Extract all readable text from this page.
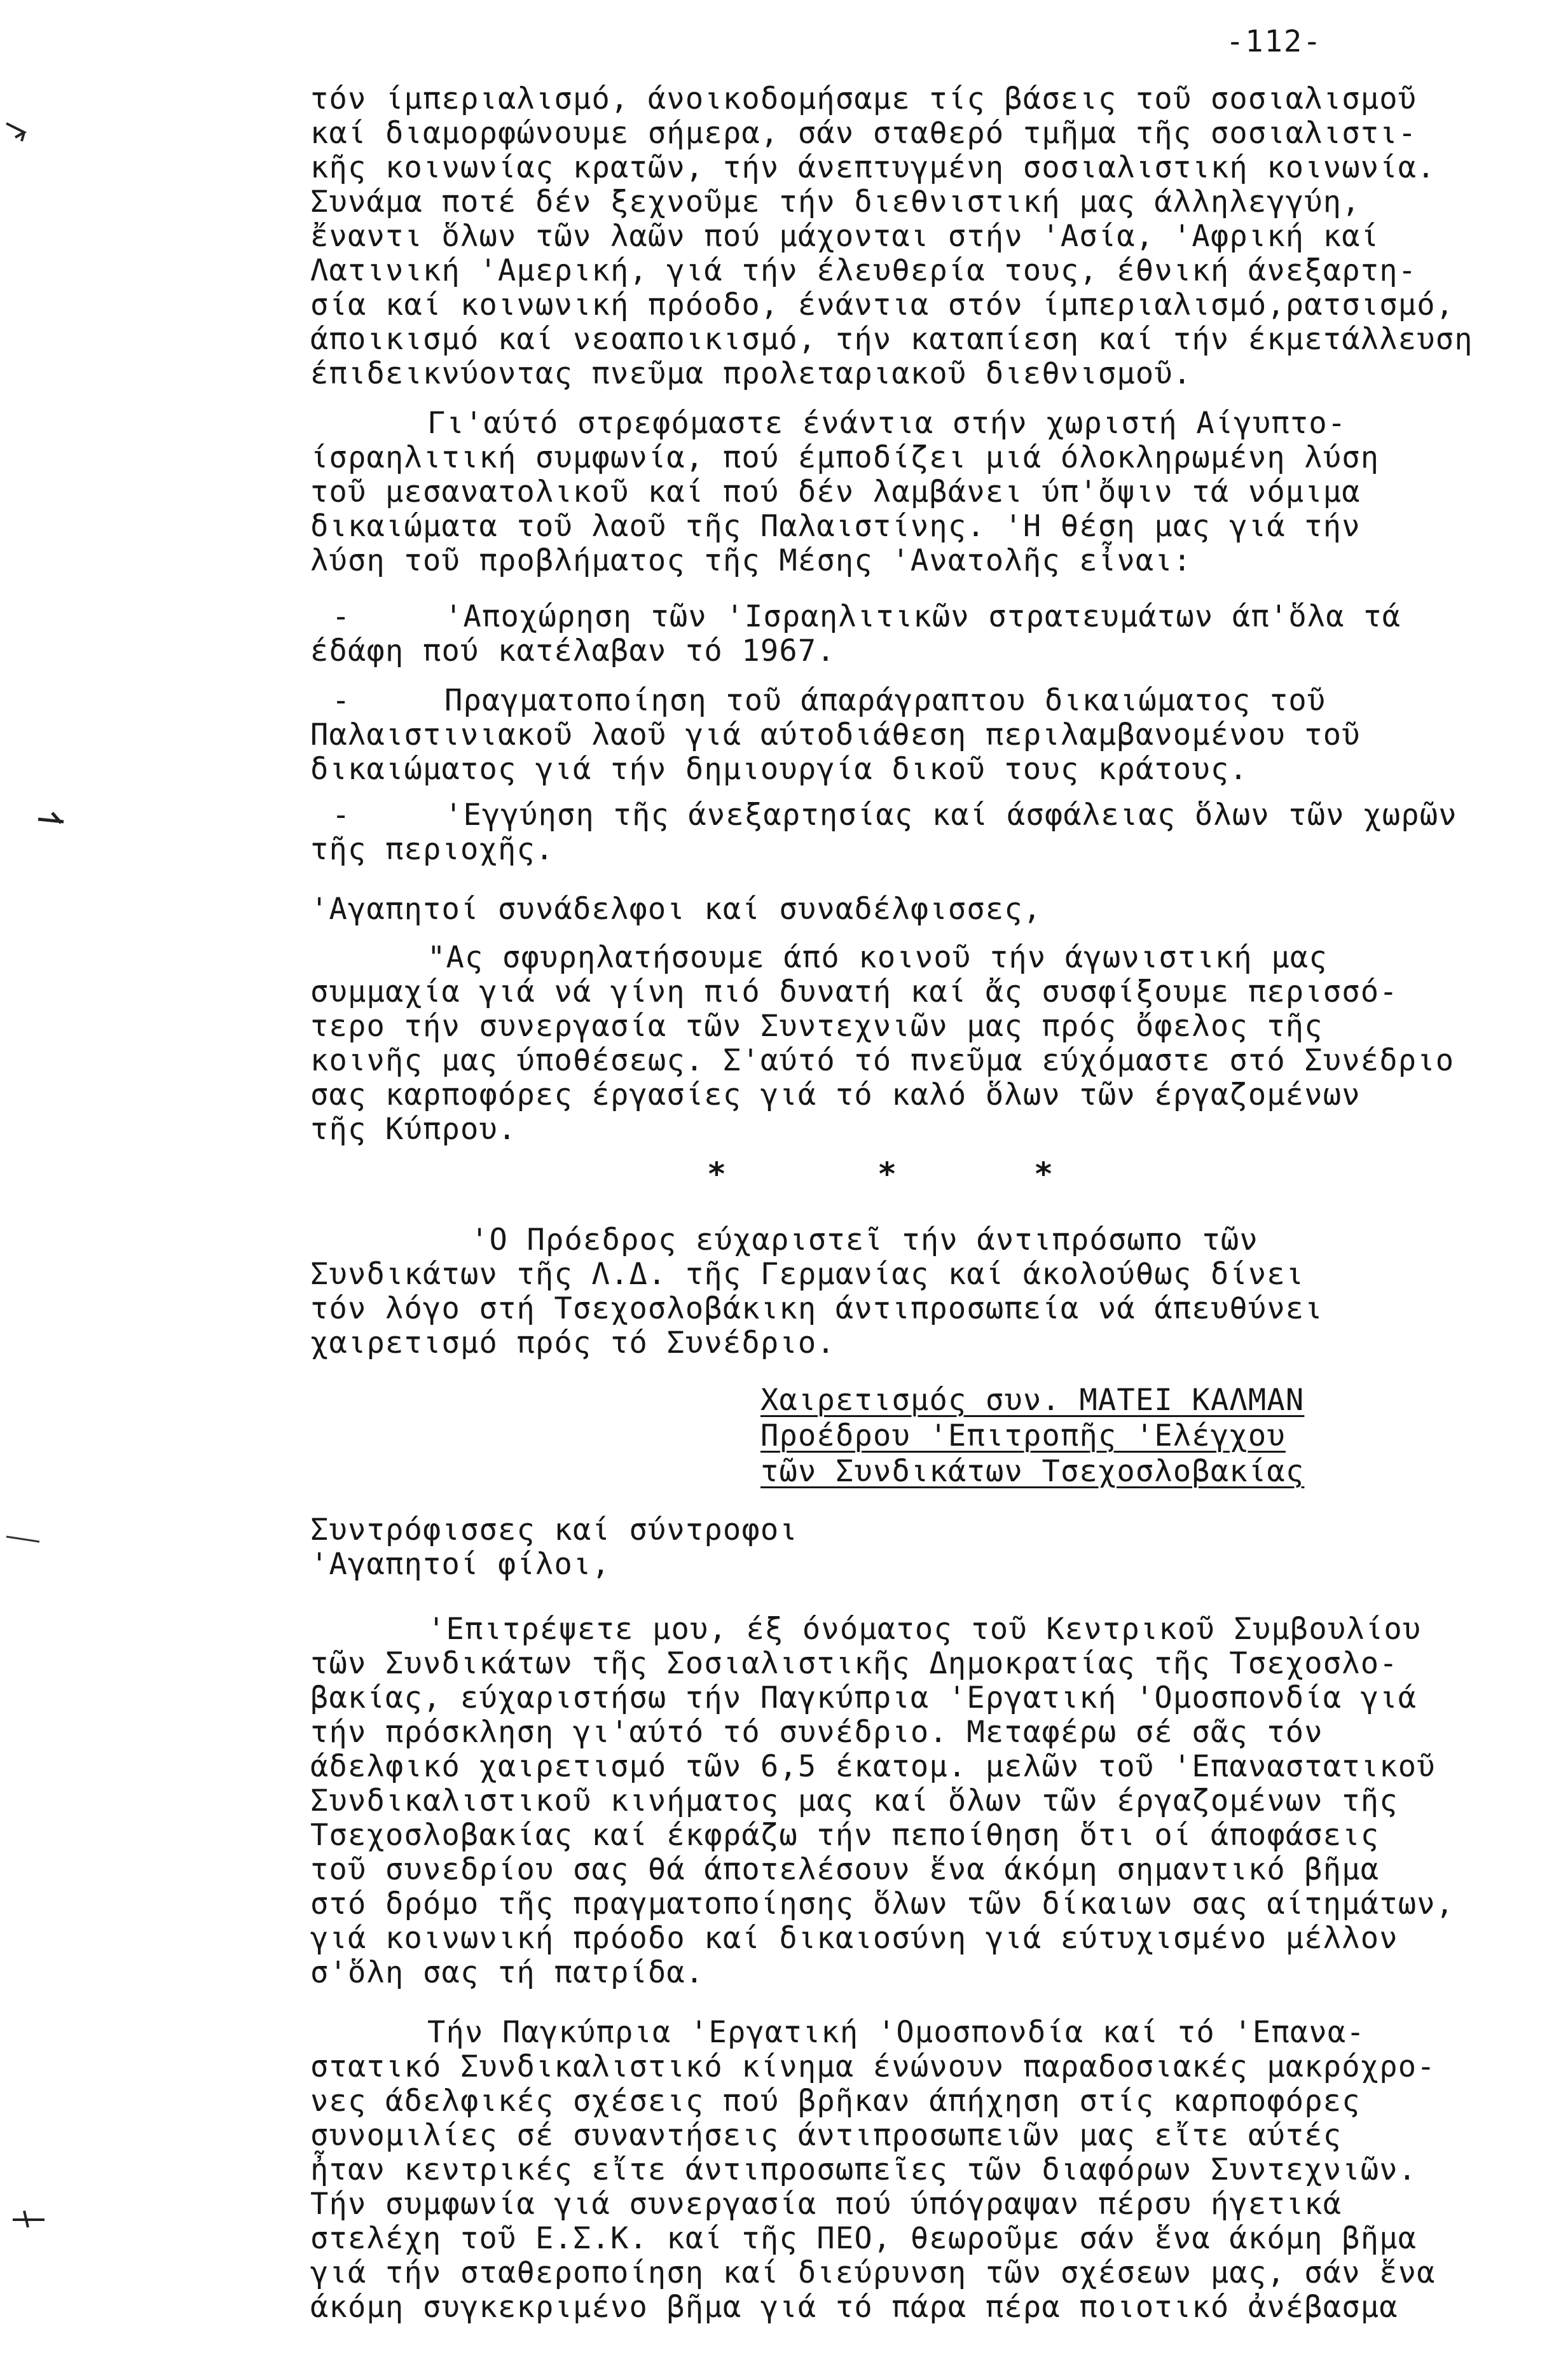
-112-
τόν ίμπεριαλισμό, άνοικοδομήσαμε τίς βάσεις τοῦ σοσιαλισμοῦ
καί διαμορφώνουμε σήμερα, σάν σταθερό τμῆμα τῆς σοσιαλιστι-
κῆς κοινωνίας κρατῶν, τήν άνεπτυγμένη σοσιαλιστική κοινωνία.
Συνάμα ποτέ δέν ξεχνοῦμε τήν διεθνιστική μας άλληλεγγύη,
ἔναντι ὅλων τῶν λαῶν πού μάχονται στήν 'Ασία, 'Αφρική καί
Λατινική 'Αμερική, γιά τήν έλευθερία τους, έθνική άνεξαρτη-
σία καί κοινωνική πρόοδο, ένάντια στόν ίμπεριαλισμό,ρατσισμό,
άποικισμό καί νεοαποικισμό, τήν καταπίεση καί τήν έκμετάλλευση
έπιδεικνύοντας πνεῦμα προλεταριακοῦ διεθνισμοῦ.
Γι'αύτό στρεφόμαστε ένάντια στήν χωριστή Αίγυπτο-
ίσραηλιτική συμφωνία, πού έμποδίζει μιά όλοκληρωμένη λύση
τοῦ μεσανατολικοῦ καί πού δέν λαμβάνει ύπ'ὄψιν τά νόμιμα
δικαιώματα τοῦ λαοῦ τῆς Παλαιστίνης. 'Η θέση μας γιά τήν
λύση τοῦ προβλήματος τῆς Μέσης 'Ανατολῆς εἶναι:
-     'Αποχώρηση τῶν 'Ισραηλιτικῶν στρατευμάτων άπ'ὅλα τά
έδάφη πού κατέλαβαν τό 1967.
-     Πραγματοποίηση τοῦ άπαράγραπτου δικαιώματος τοῦ
Παλαιστινιακοῦ λαοῦ γιά αύτοδιάθεση περιλαμβανομένου τοῦ
δικαιώματος γιά τήν δημιουργία δικοῦ τους κράτους.
-     'Εγγύηση τῆς άνεξαρτησίας καί άσφάλειας ὅλων τῶν χωρῶν
τῆς περιοχῆς.
'Αγαπητοί συνάδελφοι καί συναδέλφισσες,
"Ας σφυρηλατήσουμε άπό κοινοῦ τήν άγωνιστική μας
συμμαχία γιά νά γίνη πιό δυνατή καί ἄς συσφίξουμε περισσό-
τερο τήν συνεργασία τῶν Συντεχνιῶν μας πρός ὄφελος τῆς
κοινῆς μας ύποθέσεως. Σ'αύτό τό πνεῦμα εύχόμαστε στό Συνέδριο
σας καρποφόρες έργασίες γιά τό καλό ὅλων τῶν έργαζομένων
τῆς Κύπρου.
*	*	*
'Ο Πρόεδρος εύχαριστεῖ τήν άντιπρόσωπο τῶν
Συνδικάτων τῆς Λ.Δ. τῆς Γερμανίας καί άκολούθως δίνει
τόν λόγο στή Τσεχοσλοβάκικη άντιπροσωπεία νά άπευθύνει
χαιρετισμό πρός τό Συνέδριο.
Χαιρετισμός συν. ΜΑΤΕΙ ΚΑΛΜΑΝ
Προέδρου 'Επιτροπῆς 'Ελέγχου
τῶν Συνδικάτων Τσεχοσλοβακίας
Συντρόφισσες καί σύντροφοι
'Αγαπητοί φίλοι,
'Επιτρέψετε μου, έξ όνόματος τοῦ Κεντρικοῦ Συμβουλίου
τῶν Συνδικάτων τῆς Σοσιαλιστικῆς Δημοκρατίας τῆς Τσεχοσλο-
βακίας, εύχαριστήσω τήν Παγκύπρια 'Εργατική 'Ομοσπονδία γιά
τήν πρόσκληση γι'αύτό τό συνέδριο. Μεταφέρω σέ σᾶς τόν
άδελφικό χαιρετισμό τῶν 6,5 έκατομ. μελῶν τοῦ 'Επαναστατικοῦ
Συνδικαλιστικοῦ κινήματος μας καί ὅλων τῶν έργαζομένων τῆς
Τσεχοσλοβακίας καί έκφράζω τήν πεποίθηση ὅτι οί άποφάσεις
τοῦ συνεδρίου σας θά άποτελέσουν ἕνα άκόμη σημαντικό βῆμα
στό δρόμο τῆς πραγματοποίησης ὅλων τῶν δίκαιων σας αίτημάτων,
γιά κοινωνική πρόοδο καί δικαιοσύνη γιά εύτυχισμένο μέλλον
σ'ὅλη σας τή πατρίδα.
Τήν Παγκύπρια 'Εργατική 'Ομοσπονδία καί τό 'Επανα-
στατικό Συνδικαλιστικό κίνημα ένώνουν παραδοσιακές μακρόχρο-
νες άδελφικές σχέσεις πού βρῆκαν άπήχηση στίς καρποφόρες
συνομιλίες σέ συναντήσεις άντιπροσωπειῶν μας εἴτε αύτές
ἦταν κεντρικές εἴτε άντιπροσωπεῖες τῶν διαφόρων Συντεχνιῶν.
Τήν συμφωνία γιά συνεργασία πού ύπόγραψαν πέρσυ ήγετικά
στελέχη τοῦ Ε.Σ.Κ. καί τῆς ΠΕΟ, θεωροῦμε σάν ἕνα άκόμη βῆμα
γιά τήν σταθεροποίηση καί διεύρυνση τῶν σχέσεων μας, σάν ἕνα
άκόμη συγκεκριμένο βῆμα γιά τό πάρα πέρα ποιοτικό ἀνέβασμα
